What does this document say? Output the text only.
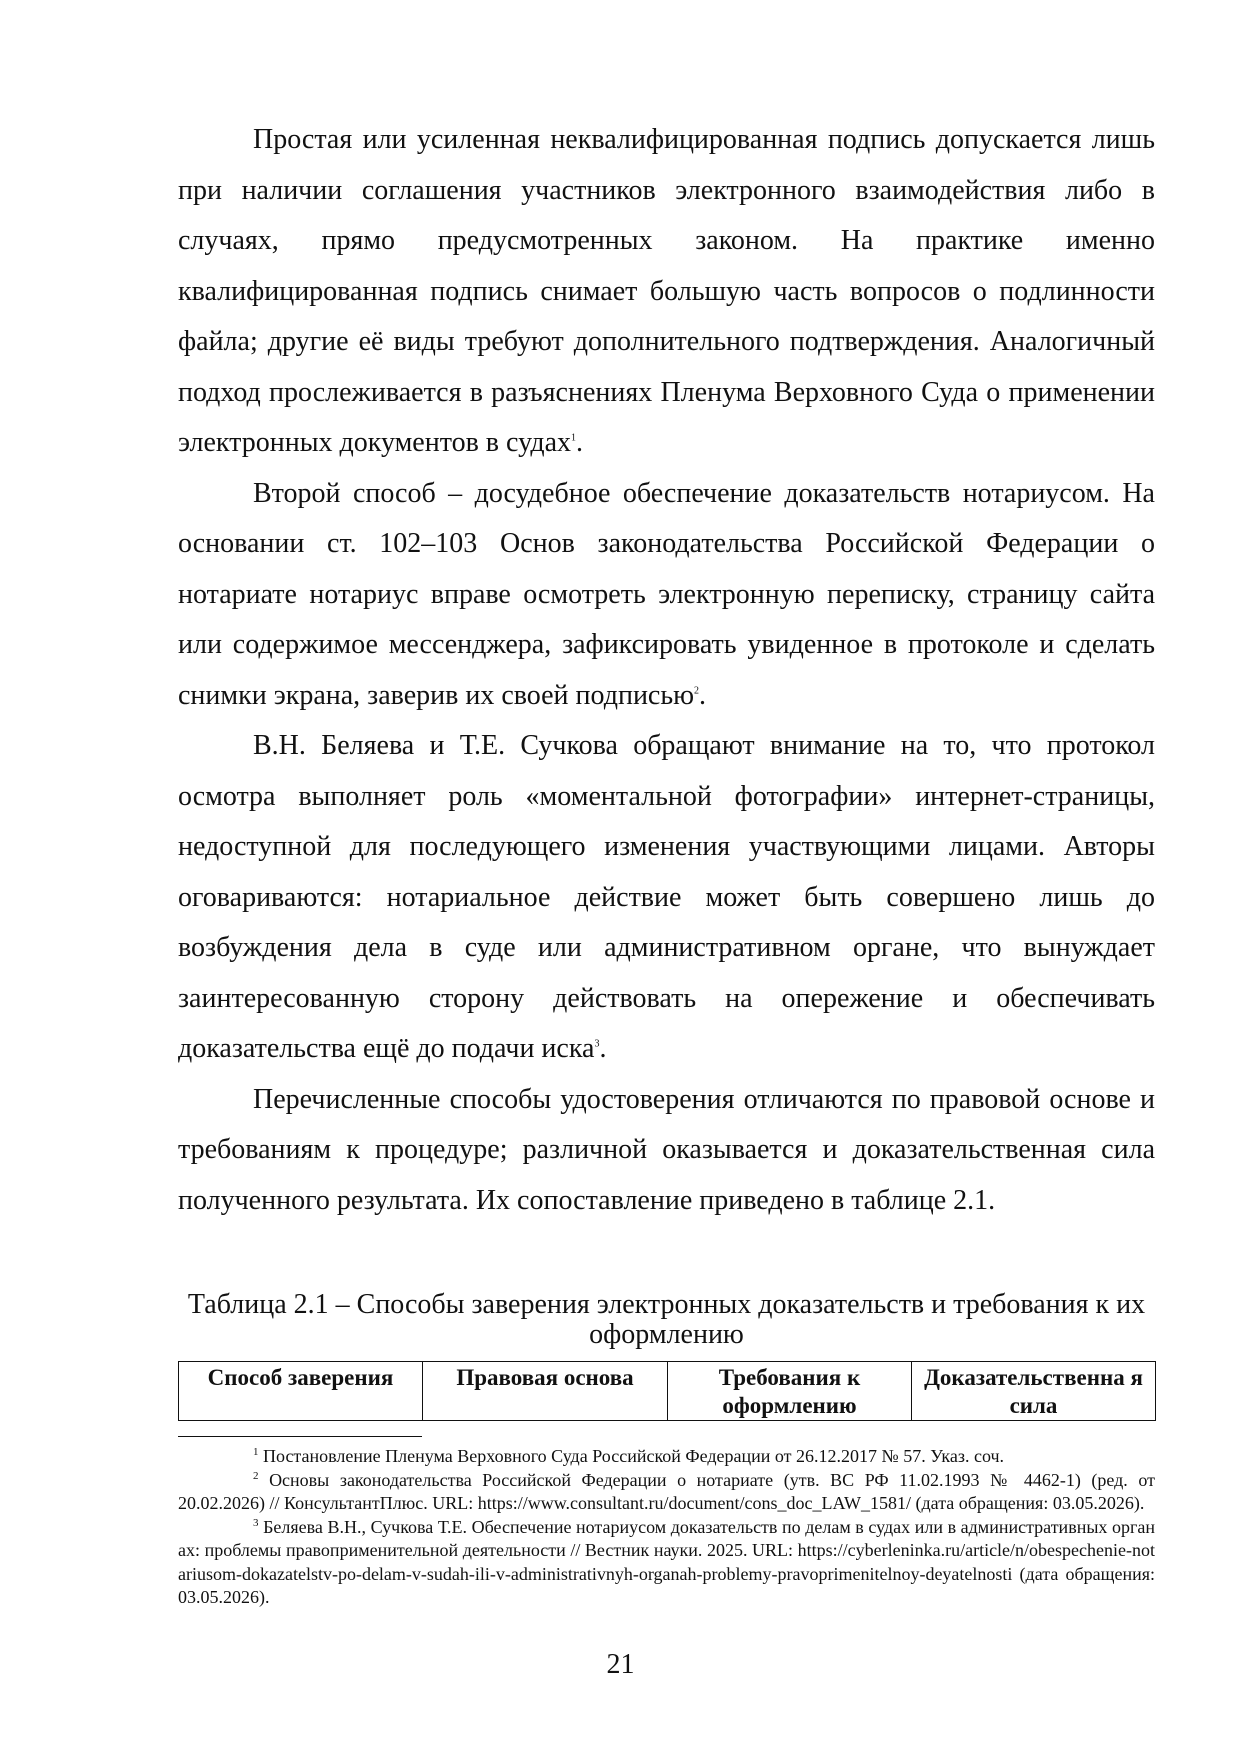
Простая или усиленная неквалифицированная подпись допускается лишь при наличии соглашения участников электронного взаимодействия либо в случаях, прямо предусмотренных законом. На практике именно квалифицированная подпись снимает большую часть вопросов о подлинности файла; другие её виды требуют дополнительного подтверждения. Аналогичный подход прослеживается в разъяснениях Пленума Верховного Суда о применении электронных документов в судах$^1$.

Второй способ – досудебное обеспечение доказательств нотариусом. На основании ст. 102–103 Основ законодательства Российской Федерации о нотариате нотариус вправе осмотреть электронную переписку, страницу сайта или содержимое мессенджера, зафиксировать увиденное в протоколе и сделать снимки экрана, заверив их своей подписью$^2$.

В.Н. Беляева и Т.Е. Сучкова обращают внимание на то, что протокол осмотра выполняет роль «моментальной фотографии» интернет-страницы, недоступной для последующего изменения участвующими лицами. Авторы оговариваются: нотариальное действие может быть совершено лишь до возбуждения дела в суде или административном органе, что вынуждает заинтересованную сторону действовать на опережение и обеспечивать доказательства ещё до подачи иска$^3$.

Перечисленные способы удостоверения отличаются по правовой основе и требованиям к процедуре; различной оказывается и доказательственная сила полученного результата. Их сопоставление приведено в таблице 2.1.

Таблица 2.1 – Способы заверения электронных доказательств и требования к их оформлению
Способ заверения	Правовая основа	Требования к оформлению	Доказательственна я сила

$^1$ Постановление Пленума Верховного Суда Российской Федерации от 26.12.2017 № 57. Указ. соч.

$^2$ Основы законодательства Российской Федерации о нотариате (утв. ВС РФ 11.02.1993 № 4462-1) (ред. от 20.02.2026) // КонсультантПлюс. URL: https://www.consultant.ru/document/cons_doc_LAW_1581/ (дата обращения: 03.05.2026).

$^3$ Беляева В.Н., Сучкова Т.Е. Обеспечение нотариусом доказательств по делам в судах или в административных органах: проблемы правоприменительной деятельности // Вестник науки. 2025. URL: https://cyberleninka.ru/article/n/obespechenie-notariusom-dokazatelstv-po-delam-v-sudah-ili-v-administrativnyh-organah-problemy-pravoprimenitelnoy-deyatelnosti (дата обращения: 03.05.2026).

21
